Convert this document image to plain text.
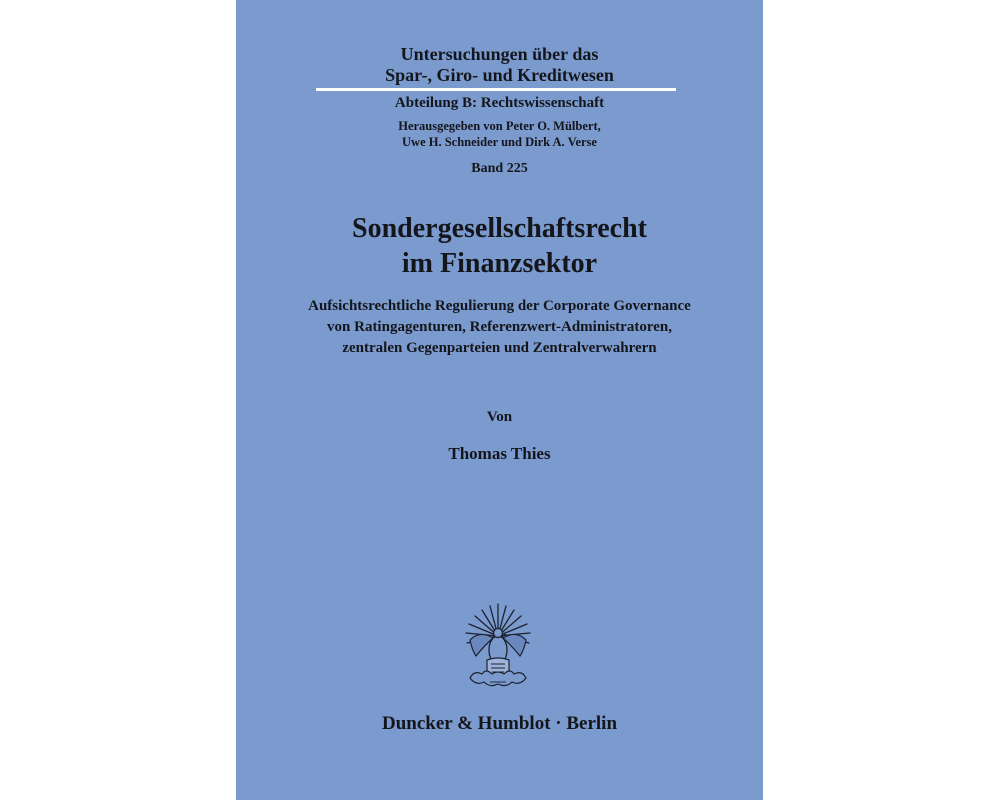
Untersuchungen über das
Spar-, Giro- und Kreditwesen
Abteilung B: Rechtswissenschaft
Herausgegeben von Peter O. Mülbert,
Uwe H. Schneider und Dirk A. Verse
Band 225
Sondergesellschaftsrecht
im Finanzsektor
Aufsichtsrechtliche Regulierung der Corporate Governance
von Ratingagenturen, Referenzwert-Administratoren,
zentralen Gegenparteien und Zentralverwahrern
Von
Thomas Thies
Duncker & Humblot · Berlin
